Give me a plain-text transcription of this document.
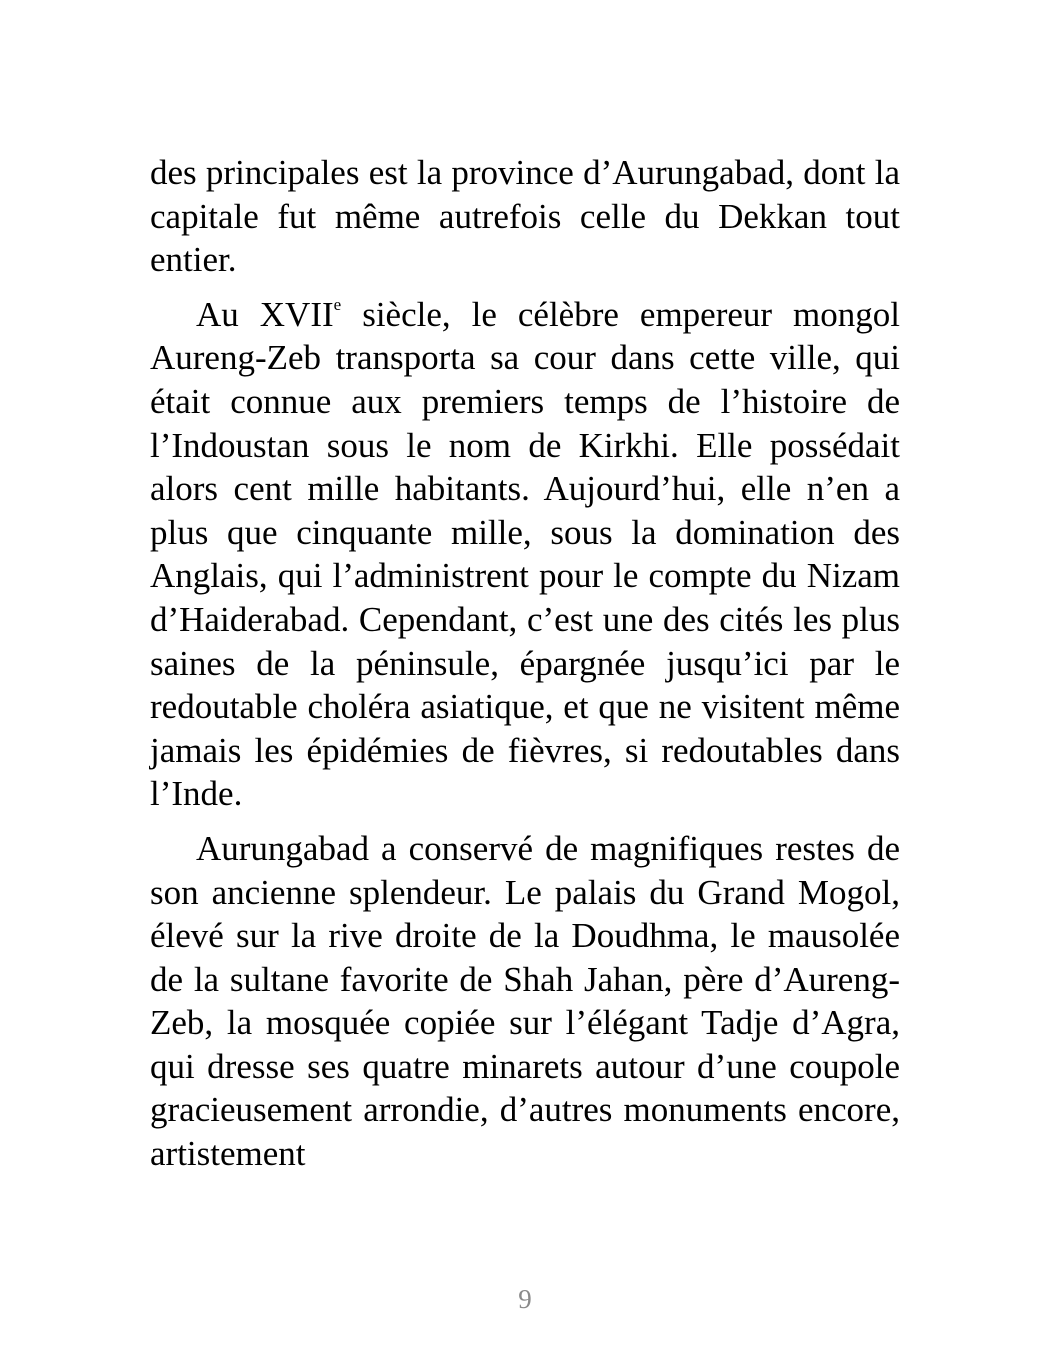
des principales est la province d’Aurungabad, dont la capitale fut même autrefois celle du Dekkan tout entier.

Au XVIIe siècle, le célèbre empereur mongol Aureng-Zeb transporta sa cour dans cette ville, qui était connue aux premiers temps de l’histoire de l’Indoustan sous le nom de Kirkhi. Elle possédait alors cent mille habitants. Aujourd’hui, elle n’en a plus que cinquante mille, sous la domination des Anglais, qui l’administrent pour le compte du Nizam d’Haiderabad. Cependant, c’est une des cités les plus saines de la péninsule, épargnée jusqu’ici par le redoutable choléra asiatique, et que ne visitent même jamais les épidémies de fièvres, si redoutables dans l’Inde.

Aurungabad a conservé de magnifiques restes de son ancienne splendeur. Le palais du Grand Mogol, élevé sur la rive droite de la Doudhma, le mausolée de la sultane favorite de Shah Jahan, père d’Aureng-Zeb, la mosquée copiée sur l’élégant Tadje d’Agra, qui dresse ses quatre minarets autour d’une coupole gracieusement arrondie, d’autres monuments encore, artistement

9
